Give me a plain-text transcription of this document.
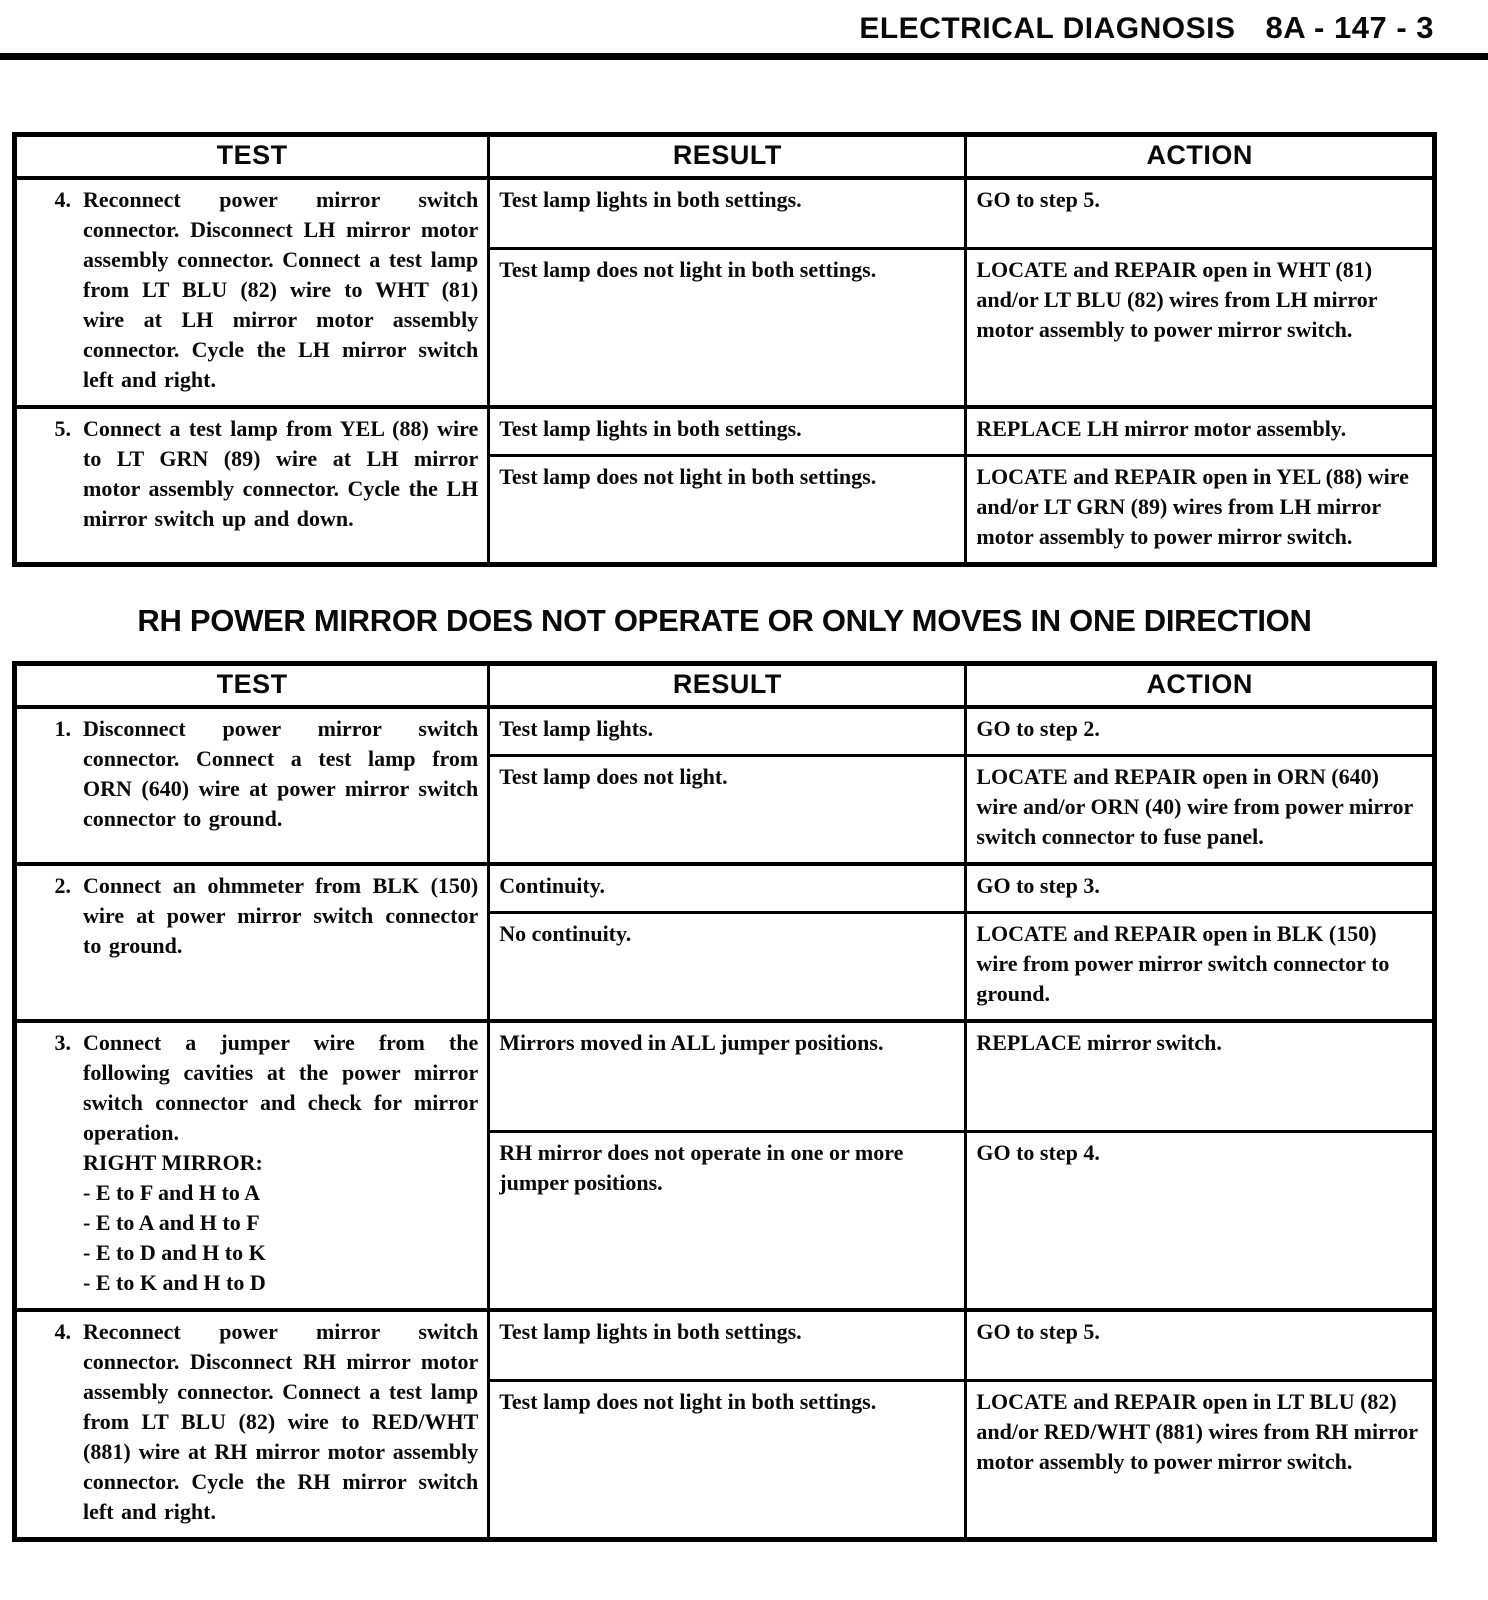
ELECTRICAL DIAGNOSIS 8A - 147 - 3
TEST	RESULT	ACTION

4. Reconnect power mirror switch connector. Disconnect LH mirror motor assembly connector. Connect a test lamp from LT BLU (82) wire to WHT (81) wire at LH mirror motor assembly connector. Cycle the LH mirror switch left and right.	Test lamp lights in both settings.	GO to step 5.
	Test lamp does not light in both settings.	LOCATE and REPAIR open in WHT (81) and/or LT BLU (82) wires from LH mirror motor assembly to power mirror switch.

5. Connect a test lamp from YEL (88) wire to LT GRN (89) wire at LH mirror motor assembly connector. Cycle the LH mirror switch up and down.	Test lamp lights in both settings.	REPLACE LH mirror motor assembly.
	Test lamp does not light in both settings.	LOCATE and REPAIR open in YEL (88) wire and/or LT GRN (89) wires from LH mirror motor assembly to power mirror switch.
RH POWER MIRROR DOES NOT OPERATE OR ONLY MOVES IN ONE DIRECTION
TEST	RESULT	ACTION

1. Disconnect power mirror switch connector. Connect a test lamp from ORN (640) wire at power mirror switch connector to ground.	Test lamp lights.	GO to step 2.
	Test lamp does not light.	LOCATE and REPAIR open in ORN (640) wire and/or ORN (40) wire from power mirror switch connector to fuse panel.

2. Connect an ohmmeter from BLK (150) wire at power mirror switch connector to ground.	Continuity.	GO to step 3.
	No continuity.	LOCATE and REPAIR open in BLK (150) wire from power mirror switch connector to ground.

3. Connect a jumper wire from the following cavities at the power mirror switch connector and check for mirror operation.
RIGHT MIRROR:
- E to F and H to A
- E to A and H to F
- E to D and H to K
- E to K and H to D
	Mirrors moved in ALL jumper positions.	REPLACE mirror switch.
	RH mirror does not operate in one or more jumper positions.	GO to step 4.

4. Reconnect power mirror switch connector. Disconnect RH mirror motor assembly connector. Connect a test lamp from LT BLU (82) wire to RED/WHT (881) wire at RH mirror motor assembly connector. Cycle the RH mirror switch left and right.	Test lamp lights in both settings.	GO to step 5.
	Test lamp does not light in both settings.	LOCATE and REPAIR open in LT BLU (82) and/or RED/WHT (881) wires from RH mirror motor assembly to power mirror switch.
